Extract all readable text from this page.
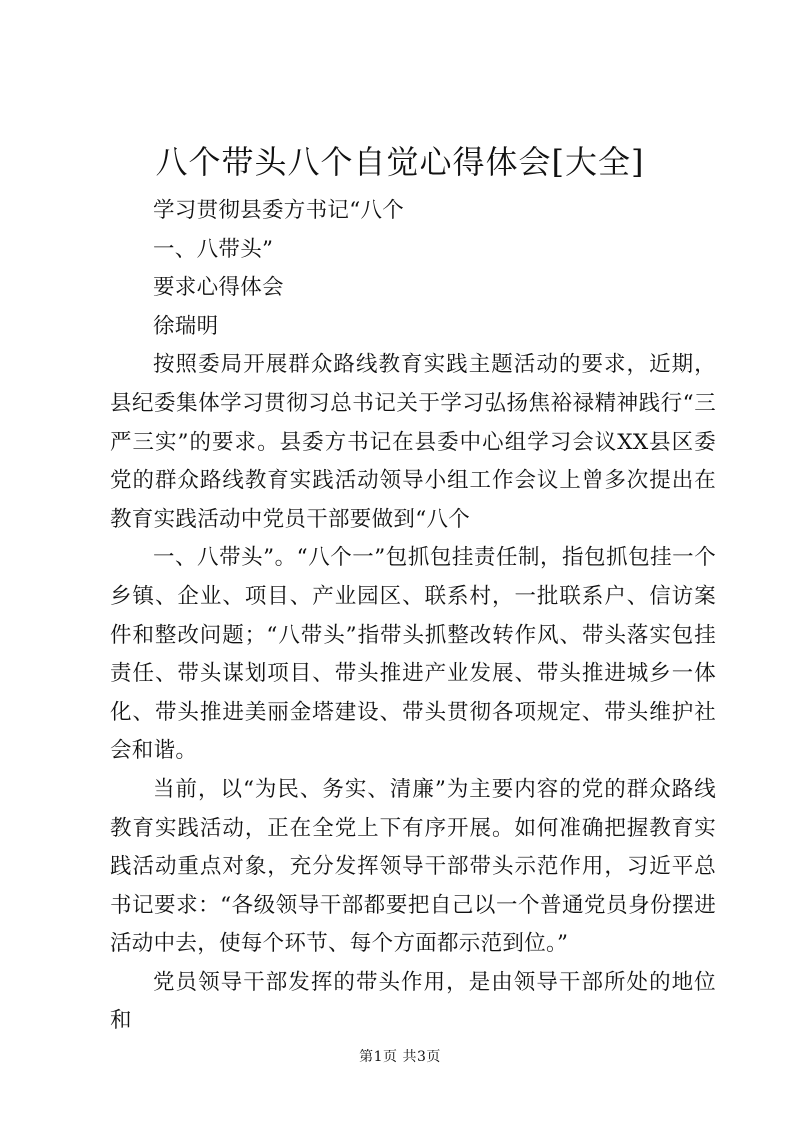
八个带头八个自觉心得体会[大全]

学习贯彻县委方书记“八个

一、八带头”

要求心得体会

徐瑞明

按照委局开展群众路线教育实践主题活动的要求，近期，县纪委集体学习贯彻习总书记关于学习弘扬焦裕禄精神践行“三严三实”的要求。县委方书记在县委中心组学习会议XX县区委党的群众路线教育实践活动领导小组工作会议上曾多次提出在教育实践活动中党员干部要做到“八个

一、八带头”。“八个一”包抓包挂责任制，指包抓包挂一个乡镇、企业、项目、产业园区、联系村，一批联系户、信访案件和整改问题；“八带头”指带头抓整改转作风、带头落实包挂责任、带头谋划项目、带头推进产业发展、带头推进城乡一体化、带头推进美丽金塔建设、带头贯彻各项规定、带头维护社会和谐。

当前，以“为民、务实、清廉”为主要内容的党的群众路线教育实践活动，正在全党上下有序开展。如何准确把握教育实践活动重点对象，充分发挥领导干部带头示范作用，习近平总书记要求：“各级领导干部都要把自己以一个普通党员身份摆进活动中去，使每个环节、每个方面都示范到位。”

党员领导干部发挥的带头作用，是由领导干部所处的地位和

第1页 共3页
